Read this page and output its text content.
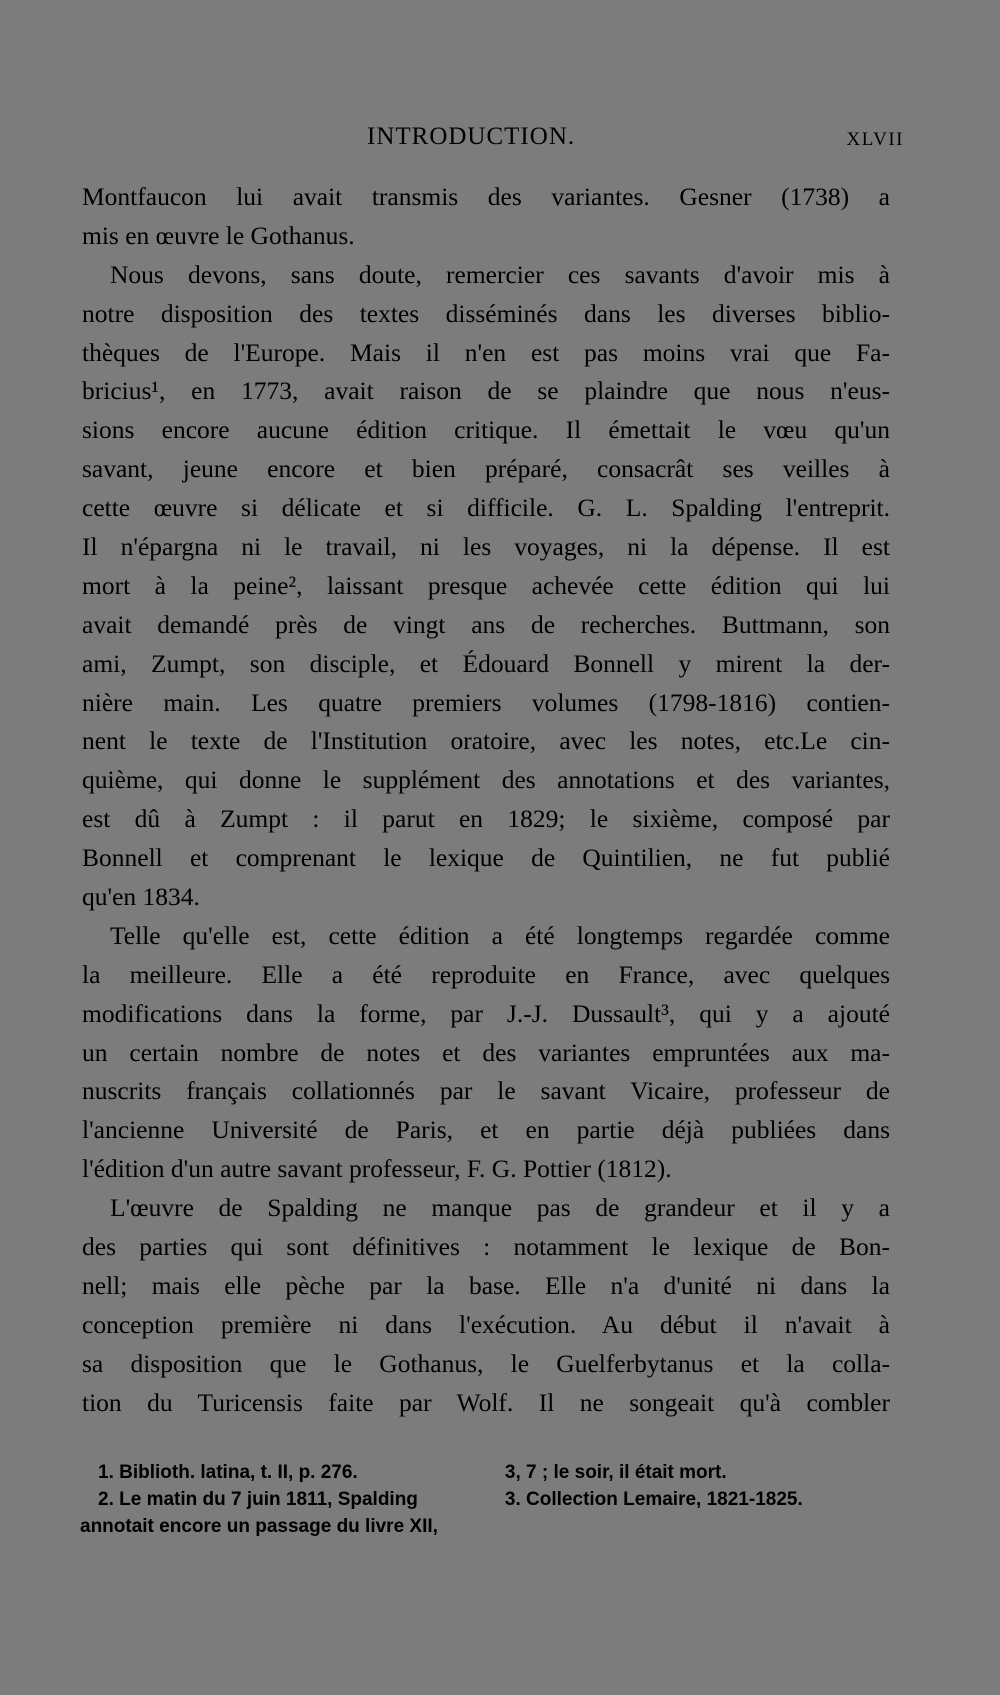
INTRODUCTION.	XLVII
Montfaucon lui avait transmis des variantes. Gesner (1738) a
mis en œuvre le Gothanus.
Nous devons, sans doute, remercier ces savants d'avoir mis à
notre disposition des textes disséminés dans les diverses biblio-
thèques de l'Europe. Mais il n'en est pas moins vrai que Fa-
bricius¹, en 1773, avait raison de se plaindre que nous n'eus-
sions encore aucune édition critique. Il émettait le vœu qu'un
savant, jeune encore et bien préparé, consacrât ses veilles à
cette œuvre si délicate et si difficile. G. L. Spalding l'entreprit.
Il n'épargna ni le travail, ni les voyages, ni la dépense. Il est
mort à la peine², laissant presque achevée cette édition qui lui
avait demandé près de vingt ans de recherches. Buttmann, son
ami, Zumpt, son disciple, et Édouard Bonnell y mirent la der-
nière main. Les quatre premiers volumes (1798-1816) contien-
nent le texte de l'Institution oratoire, avec les notes, etc.Le cin-
quième, qui donne le supplément des annotations et des variantes,
est dû à Zumpt : il parut en 1829; le sixième, composé par
Bonnell et comprenant le lexique de Quintilien, ne fut publié
qu'en 1834.
Telle qu'elle est, cette édition a été longtemps regardée comme
la meilleure. Elle a été reproduite en France, avec quelques
modifications dans la forme, par J.-J. Dussault³, qui y a ajouté
un certain nombre de notes et des variantes empruntées aux ma-
nuscrits français collationnés par le savant Vicaire, professeur de
l'ancienne Université de Paris, et en partie déjà publiées dans
l'édition d'un autre savant professeur, F. G. Pottier (1812).
L'œuvre de Spalding ne manque pas de grandeur et il y a
des parties qui sont définitives : notamment le lexique de Bon-
nell; mais elle pèche par la base. Elle n'a d'unité ni dans la
conception première ni dans l'exécution. Au début il n'avait à
sa disposition que le Gothanus, le Guelferbytanus et la colla-
tion du Turicensis faite par Wolf. Il ne songeait qu'à combler
1. Biblioth. latina, t. II, p. 276.	3, 7 ; le soir, il était mort.
2. Le matin du 7 juin 1811, Spalding	3. Collection Lemaire, 1821-1825.
annotait encore un passage du livre XII,
